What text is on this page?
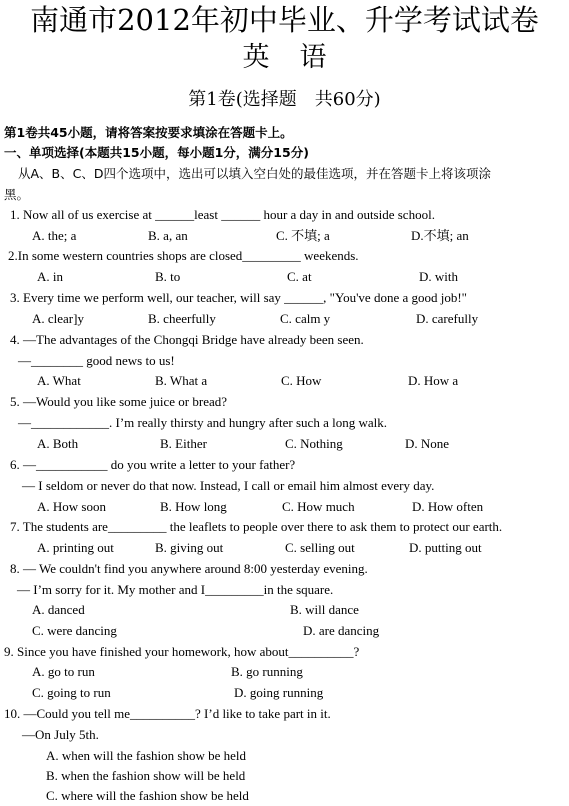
南通市2012年初中毕业、升学考试试卷
英语
第1卷(选择题　共60分)
第1卷共45小题，请将答案按要求填涂在答题卡上。
一、单项选择(本题共15小题，每小题1分，满分15分)
从A、B、C、D四个选项中，选出可以填入空白处的最佳选项，并在答题卡上将该项涂
黑。
1. Now all of us exercise at ______least ______ hour a day in and outside school.
A. the; a	B. a, an	C. 不填; a	D.不填; an
2.In some western countries shops are closed_________ weekends.
A. in	B. to	C. at	D. with
3. Every time we perform well, our teacher, will say ______, "You've done a good job!"
A. clear]y	B. cheerfully	C. calm y	D. carefully
4. —The advantages of the Chongqi Bridge have already been seen.
—________ good news to us!
A. What	B. What a	C. How	D. How a
5. —Would you like some juice or bread?
—____________. I’m really thirsty and hungry after such a long walk.
A. Both	B. Either	C. Nothing	D. None
6. —___________ do you write a letter to your father?
— I seldom or never do that now. Instead, I call or email him almost every day.
A. How soon	B. How long	C. How much	D. How often
7. The students are_________ the leaflets to people over there to ask them to protect our earth.
A. printing out	B. giving out	C. selling out	D. putting out
8. — We couldn't find you anywhere around 8:00 yesterday evening.
— I’m sorry for it. My mother and I_________in the square.
A. danced	B. will dance
C. were dancing	D. are dancing
9. Since you have finished your homework, how about__________?
A. go to run	B. go running
C. going to run	D. going running
10. —Could you tell me__________? I’d like to take part in it.
—On July 5th.
A. when will the fashion show be held
B. when the fashion show will be held
C. where will the fashion show be held
